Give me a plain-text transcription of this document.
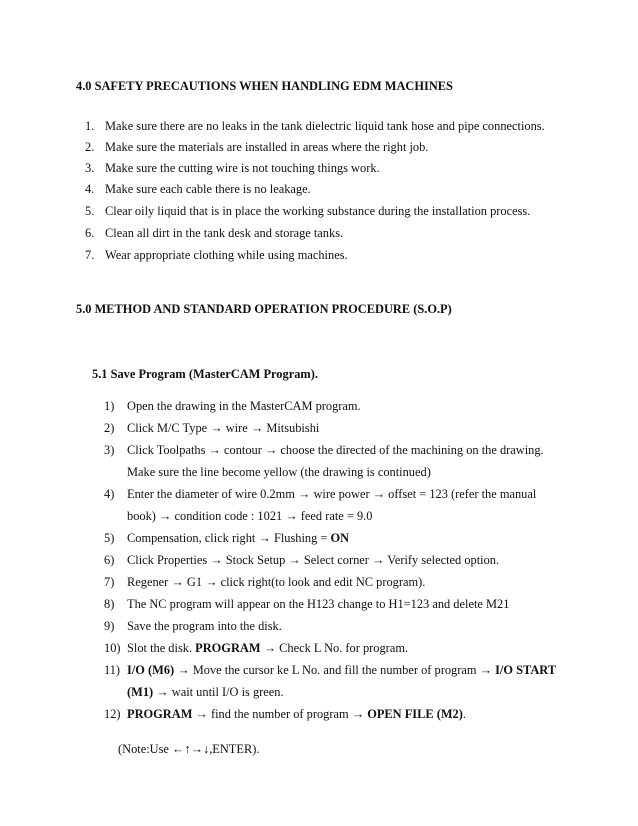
4.0 SAFETY PRECAUTIONS WHEN HANDLING EDM MACHINES
1. Make sure there are no leaks in the tank dielectric liquid tank hose and pipe connections.
2. Make sure the materials are installed in areas where the right job.
3. Make sure the cutting wire is not touching things work.
4. Make sure each cable there is no leakage.
5. Clear oily liquid that is in place the working substance during the installation process.
6. Clean all dirt in the tank desk and storage tanks.
7. Wear appropriate clothing while using machines.
5.0 METHOD AND STANDARD OPERATION PROCEDURE (S.O.P)
5.1 Save Program (MasterCAM Program).
1) Open the drawing in the MasterCAM program.
2) Click M/C Type → wire → Mitsubishi
3) Click Toolpaths → contour → choose the directed of the machining on the drawing.
Make sure the line become yellow (the drawing is continued)
4) Enter the diameter of wire 0.2mm → wire power → offset = 123 (refer the manual
book) → condition code : 1021 → feed rate = 9.0
5) Compensation, click right → Flushing = ON
6) Click Properties → Stock Setup → Select corner → Verify selected option.
7) Regener → G1 → click right(to look and edit NC program).
8) The NC program will appear on the H123 change to H1=123 and delete M21
9) Save the program into the disk.
10) Slot the disk. PROGRAM → Check L No. for program.
11) I/O (M6) → Move the cursor ke L No. and fill the number of program → I/O START
(M1) → wait until I/O is green.
12) PROGRAM → find the number of program → OPEN FILE (M2).
(Note:Use ←↑→↓,ENTER).
